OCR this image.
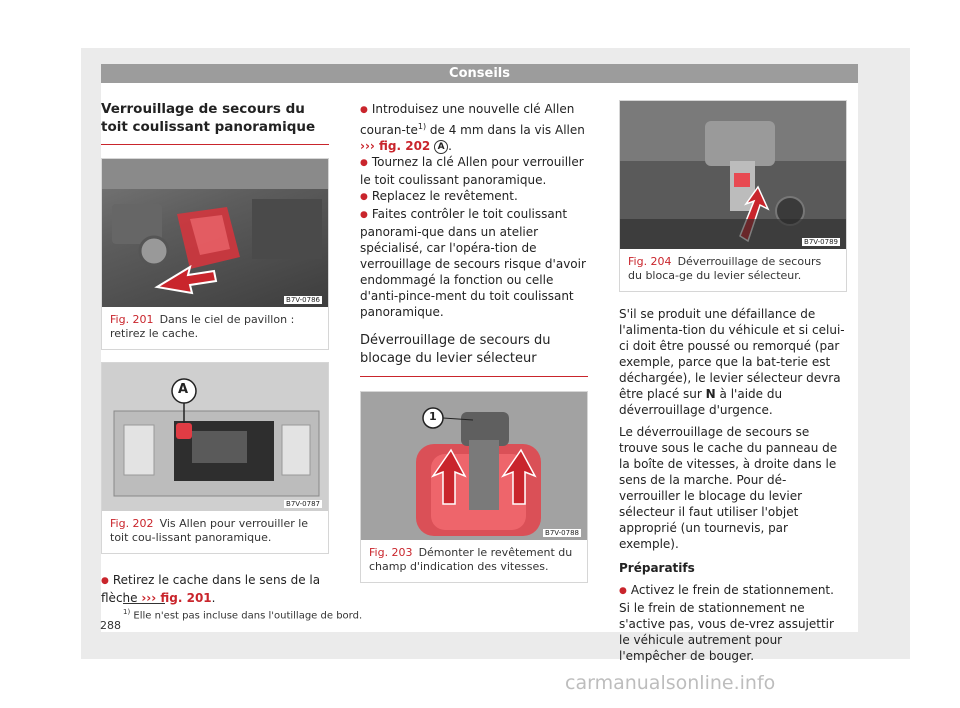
Conseils
Verrouillage de secours du toit coulissant panoramique
B7V-0786
Fig. 201 Dans le ciel de pavillon : retirez le cache.
A
B7V-0787
Fig. 202 Vis Allen pour verrouiller le toit cou-lissant panoramique.

● Retirez le cache dans le sens de la flèche ››› fig. 201.

● Introduisez une nouvelle clé Allen couran-$te^{1)}$ de 4 mm dans la vis Allen ››› fig. 202 A .

● Tournez la clé Allen pour verrouiller le toit coulissant panoramique.

● Replacez le revêtement.

● Faites contrôler le toit coulissant panorami-que dans un atelier spécialisé, car l'opéra-tion de verrouillage de secours risque d'avoir endommagé la fonction ou celle d'anti-pince-ment du toit coulissant panoramique.

Déverrouillage de secours du blocage du levier sélecteur
1
B7V-0788
Fig. 203 Démonter le revêtement du champ d'indication des vitesses.
B7V-0789
Fig. 204 Déverrouillage de secours du bloca-ge du levier sélecteur.

S'il se produit une défaillance de l'alimenta-tion du véhicule et si celui-ci doit être poussé ou remorqué (par exemple, parce que la bat-terie est déchargée), le levier sélecteur devra être placé sur N à l'aide du déverrouillage d'urgence.

Le déverrouillage de secours se trouve sous le cache du panneau de la boîte de vitesses, à droite dans le sens de la marche. Pour dé-verrouiller le blocage du levier sélecteur il faut utiliser l'objet approprié (un tournevis, par exemple).

Préparatifs

● Activez le frein de stationnement. Si le frein de stationnement ne s'active pas, vous de-vrez assujettir le véhicule autrement pour l'empêcher de bouger.

$^{1)}$ Elle n'est pas incluse dans l'outillage de bord.
288
carmanualsonline.info
